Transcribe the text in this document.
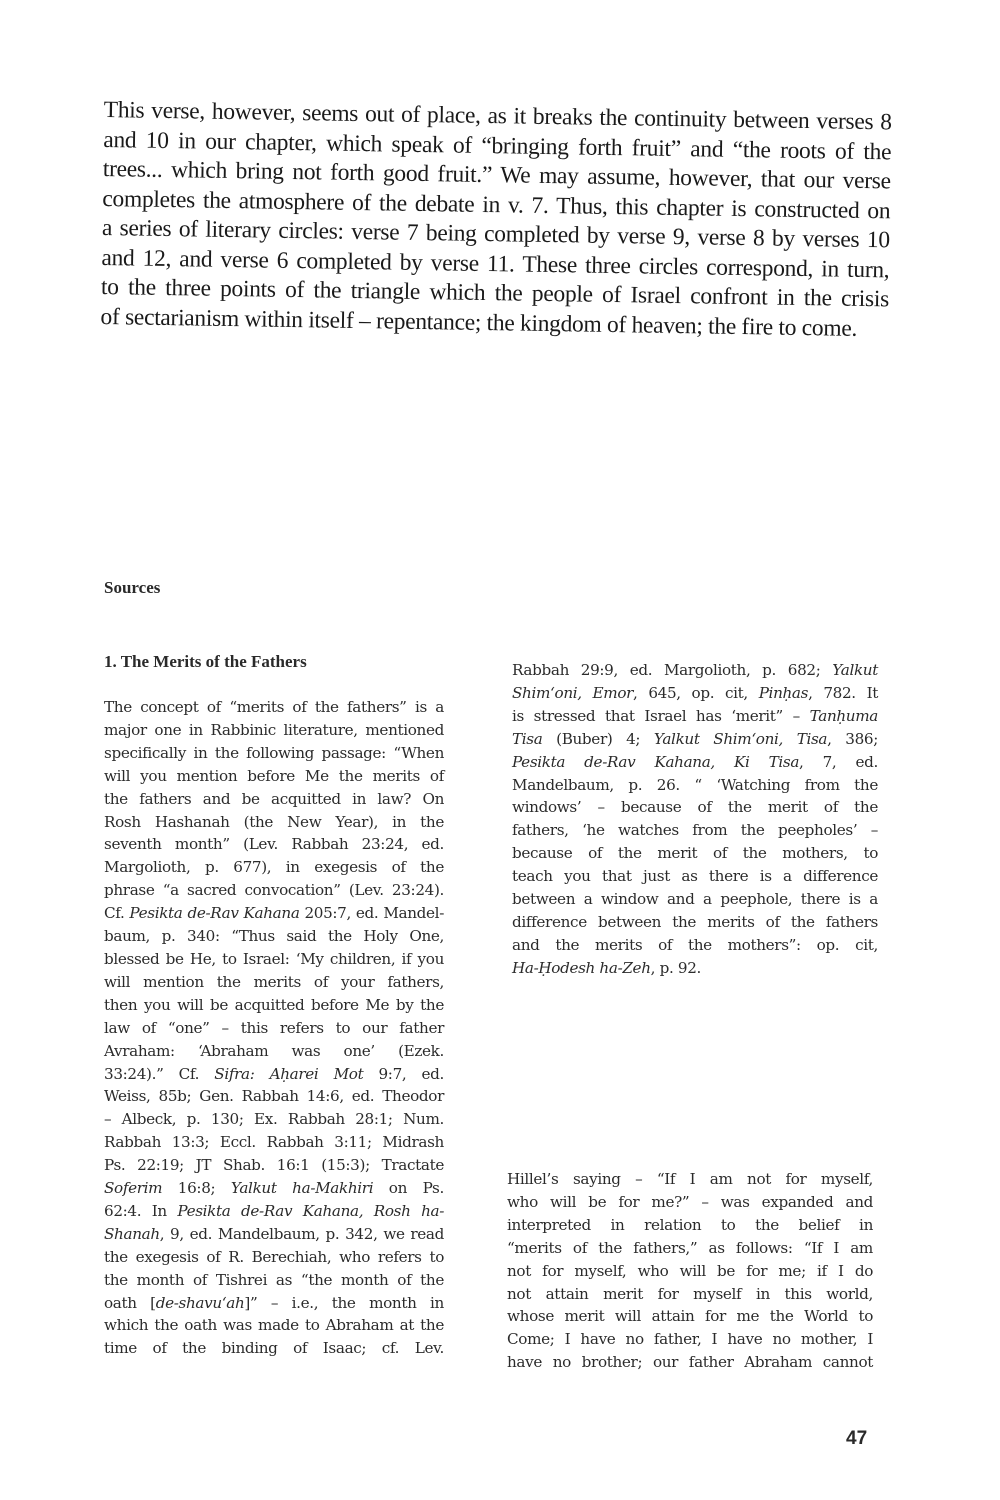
This verse, however, seems out of place, as it breaks the continuity between verses 8
and 10 in our chapter, which speak of “bringing forth fruit” and “the roots of the
trees... which bring not forth good fruit.” We may assume, however, that our verse
completes the atmosphere of the debate in v. 7. Thus, this chapter is constructed on
a series of literary circles: verse 7 being completed by verse 9, verse 8 by verses 10
and 12, and verse 6 completed by verse 11. These three circles correspond, in turn,
to the three points of the triangle which the people of Israel confront in the crisis
of sectarianism within itself – repentance; the kingdom of heaven; the fire to come.
Sources
1. The Merits of the Fathers
The concept of “merits of the fathers” is a
major one in Rabbinic literature, mentioned
specifically in the following passage: “When
will you mention before Me the merits of
the fathers and be acquitted in law? On
Rosh Hashanah (the New Year), in the
seventh month” (Lev. Rabbah 23:24, ed.
Margolioth, p. 677), in exegesis of the
phrase “a sacred convocation” (Lev. 23:24).
Cf. Pesikta de-Rav Kahana 205:7, ed. Mandel-
baum, p. 340: “Thus said the Holy One,
blessed be He, to Israel: ‘My children, if you
will mention the merits of your fathers,
then you will be acquitted before Me by the
law of “one” – this refers to our father
Avraham: ‘Abraham was one’ (Ezek.
33:24).” Cf. Sifra: Aḥarei Mot 9:7, ed.
Weiss, 85b; Gen. Rabbah 14:6, ed. Theodor
– Albeck, p. 130; Ex. Rabbah 28:1; Num.
Rabbah 13:3; Eccl. Rabbah 3:11; Midrash
Ps. 22:19; JT Shab. 16:1 (15:3); Tractate
Soferim 16:8; Yalkut ha-Makhiri on Ps.
62:4. In Pesikta de-Rav Kahana, Rosh ha-
Shanah, 9, ed. Mandelbaum, p. 342, we read
the exegesis of R. Berechiah, who refers to
the month of Tishrei as “the month of the
oath [de-shavu‘ah]” – i.e., the month in
which the oath was made to Abraham at the
time of the binding of Isaac; cf. Lev.
Rabbah 29:9, ed. Margolioth, p. 682; Yalkut
Shim‘oni, Emor, 645, op. cit, Pinḥas, 782. It
is stressed that Israel has ‘merit” – Tanḥuma
Tisa (Buber) 4; Yalkut Shim‘oni, Tisa, 386;
Pesikta de-Rav Kahana, Ki Tisa, 7, ed.
Mandelbaum, p. 26. “ ‘Watching from the
windows’ – because of the merit of the
fathers, ‘he watches from the peepholes’ –
because of the merit of the mothers, to
teach you that just as there is a difference
between a window and a peephole, there is a
difference between the merits of the fathers
and the merits of the mothers”: op. cit,
Ha-Ḥodesh ha-Zeh, p. 92.
Hillel’s saying – “If I am not for myself,
who will be for me?” – was expanded and
interpreted in relation to the belief in
“merits of the fathers,” as follows: “If I am
not for myself, who will be for me; if I do
not attain merit for myself in this world,
whose merit will attain for me the World to
Come; I have no father, I have no mother, I
have no brother; our father Abraham cannot
47
